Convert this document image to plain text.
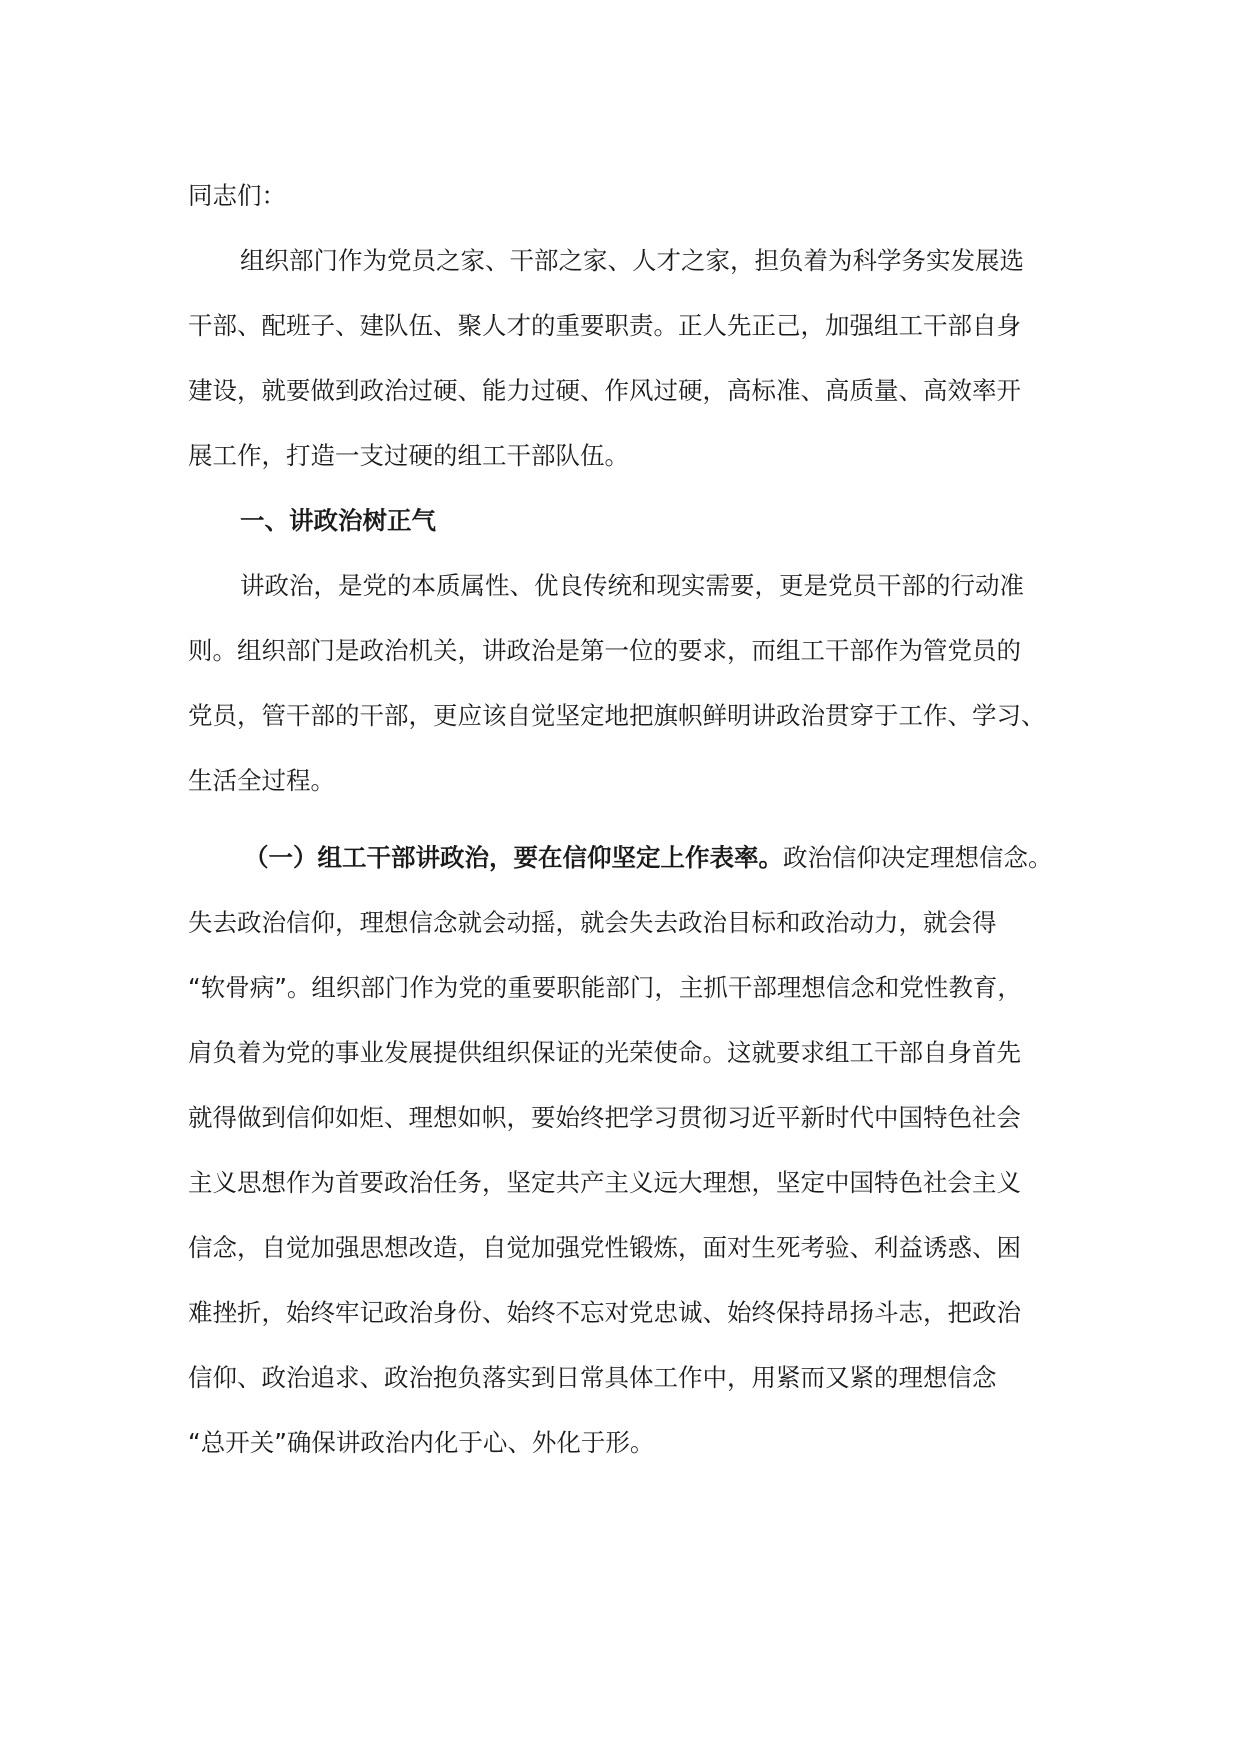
同志们：
组织部门作为党员之家、干部之家、人才之家，担负着为科学务实发展选
干部、配班子、建队伍、聚人才的重要职责。正人先正己，加强组工干部自身
建设，就要做到政治过硬、能力过硬、作风过硬，高标准、高质量、高效率开
展工作，打造一支过硬的组工干部队伍。
一、讲政治树正气
讲政治，是党的本质属性、优良传统和现实需要，更是党员干部的行动准
则。组织部门是政治机关，讲政治是第一位的要求，而组工干部作为管党员的
党员，管干部的干部，更应该自觉坚定地把旗帜鲜明讲政治贯穿于工作、学习、
生活全过程。
（一）组工干部讲政治，要在信仰坚定上作表率。政治信仰决定理想信念。
失去政治信仰，理想信念就会动摇，就会失去政治目标和政治动力，就会得
“软骨病”。组织部门作为党的重要职能部门，主抓干部理想信念和党性教育，
肩负着为党的事业发展提供组织保证的光荣使命。这就要求组工干部自身首先
就得做到信仰如炬、理想如帜，要始终把学习贯彻习近平新时代中国特色社会
主义思想作为首要政治任务，坚定共产主义远大理想，坚定中国特色社会主义
信念，自觉加强思想改造，自觉加强党性锻炼，面对生死考验、利益诱惑、困
难挫折，始终牢记政治身份、始终不忘对党忠诚、始终保持昂扬斗志，把政治
信仰、政治追求、政治抱负落实到日常具体工作中，用紧而又紧的理想信念
“总开关”确保讲政治内化于心、外化于形。
